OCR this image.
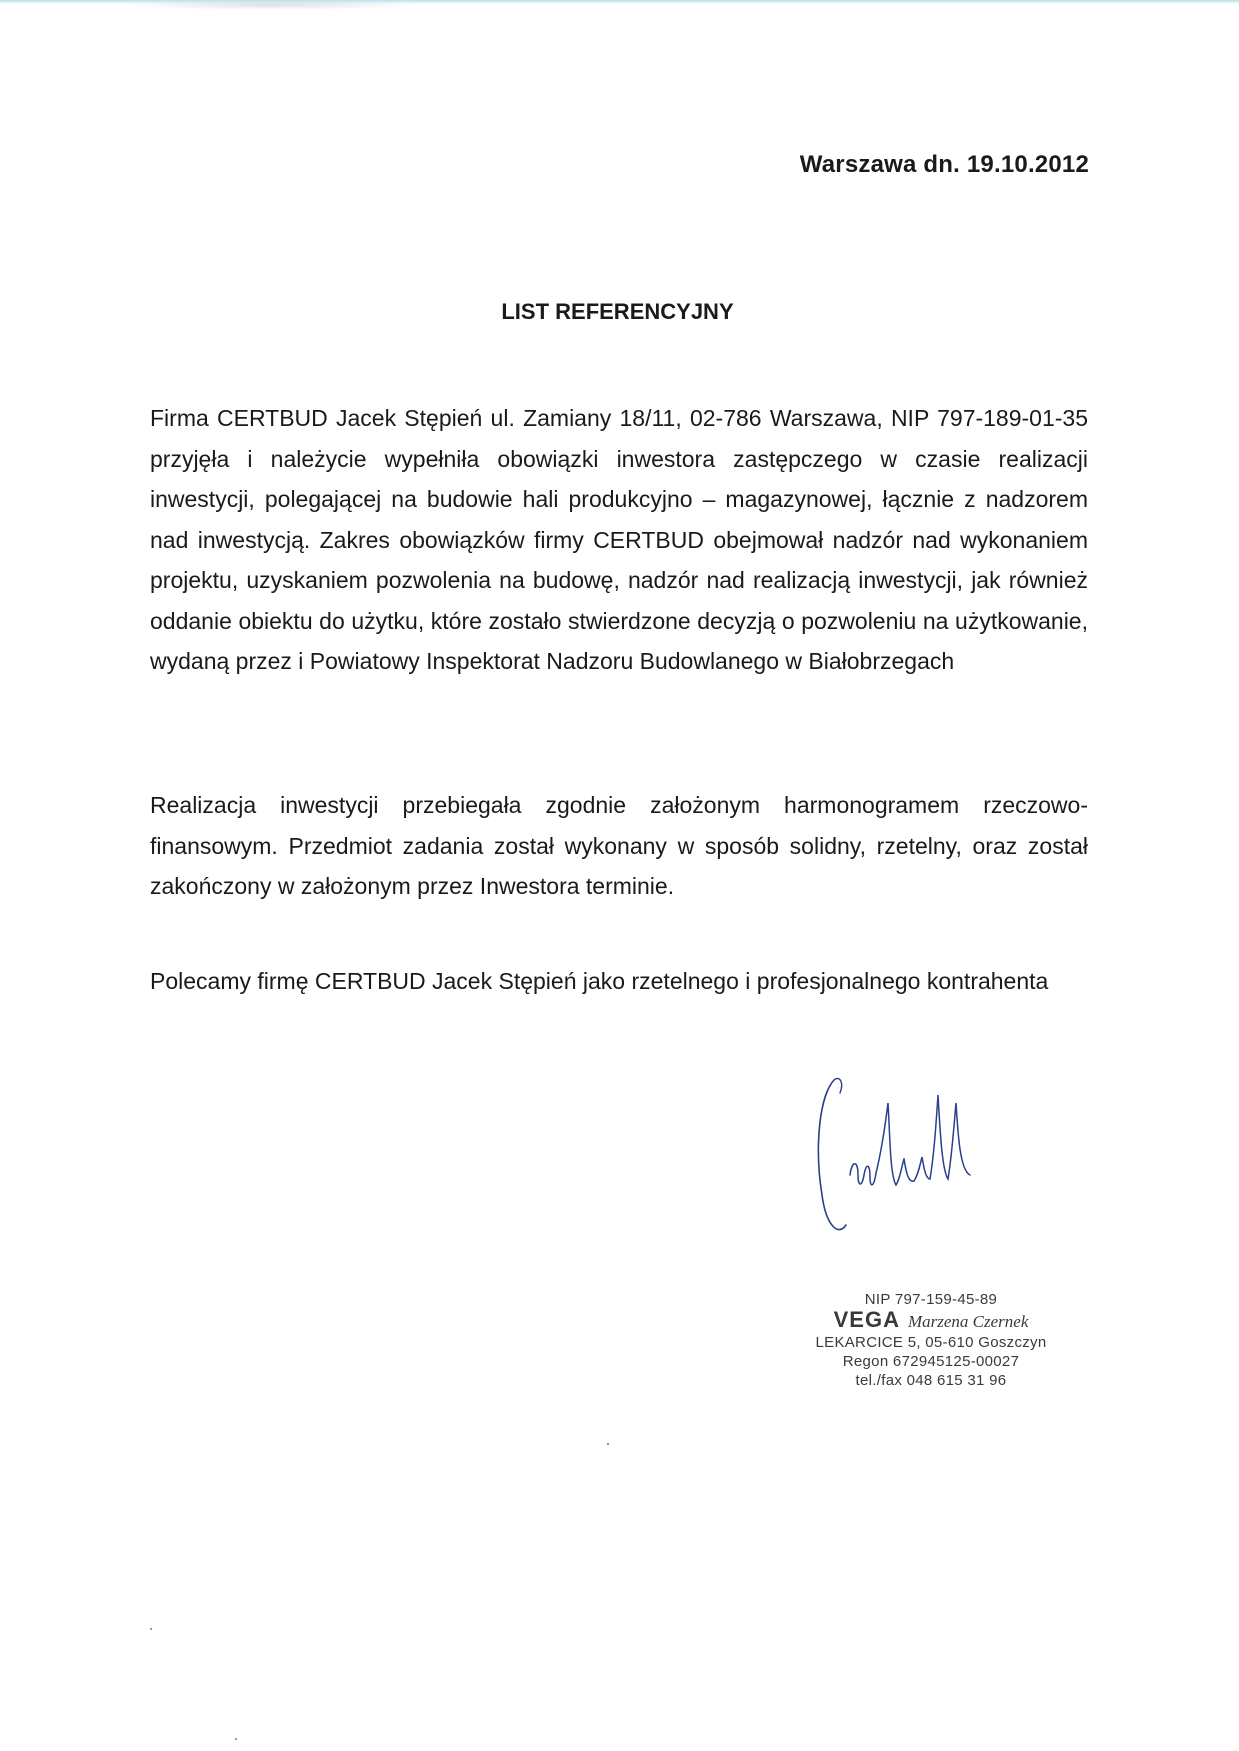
Warszawa dn. 19.10.2012
LIST REFERENCYJNY

Firma CERTBUD Jacek Stępień ul. Zamiany 18/11, 02-786 Warszawa, NIP 797-189-01-35 przyjęła i należycie wypełniła obowiązki inwestora zastępczego w czasie realizacji inwestycji, polegającej na budowie hali produkcyjno – magazynowej, łącznie z nadzorem nad inwestycją. Zakres obowiązków firmy CERTBUD obejmował nadzór nad wykonaniem projektu, uzyskaniem pozwolenia na budowę, nadzór nad realizacją inwestycji, jak również oddanie obiektu do użytku, które zostało stwierdzone decyzją o pozwoleniu na użytkowanie, wydaną przez i Powiatowy Inspektorat Nadzoru Budowlanego w Białobrzegach

Realizacja inwestycji przebiegała zgodnie założonym harmonogramem rzeczowo-finansowym. Przedmiot zadania został wykonany w sposób solidny, rzetelny, oraz został zakończony w założonym przez Inwestora terminie.

Polecamy firmę CERTBUD Jacek Stępień jako rzetelnego i profesjonalnego kontrahenta

NIP 797-159-45-89
VEGA Marzena Czernek
LEKARCICE 5, 05-610 Goszczyn
Regon 672945125-00027
tel./fax 048 615 31 96
